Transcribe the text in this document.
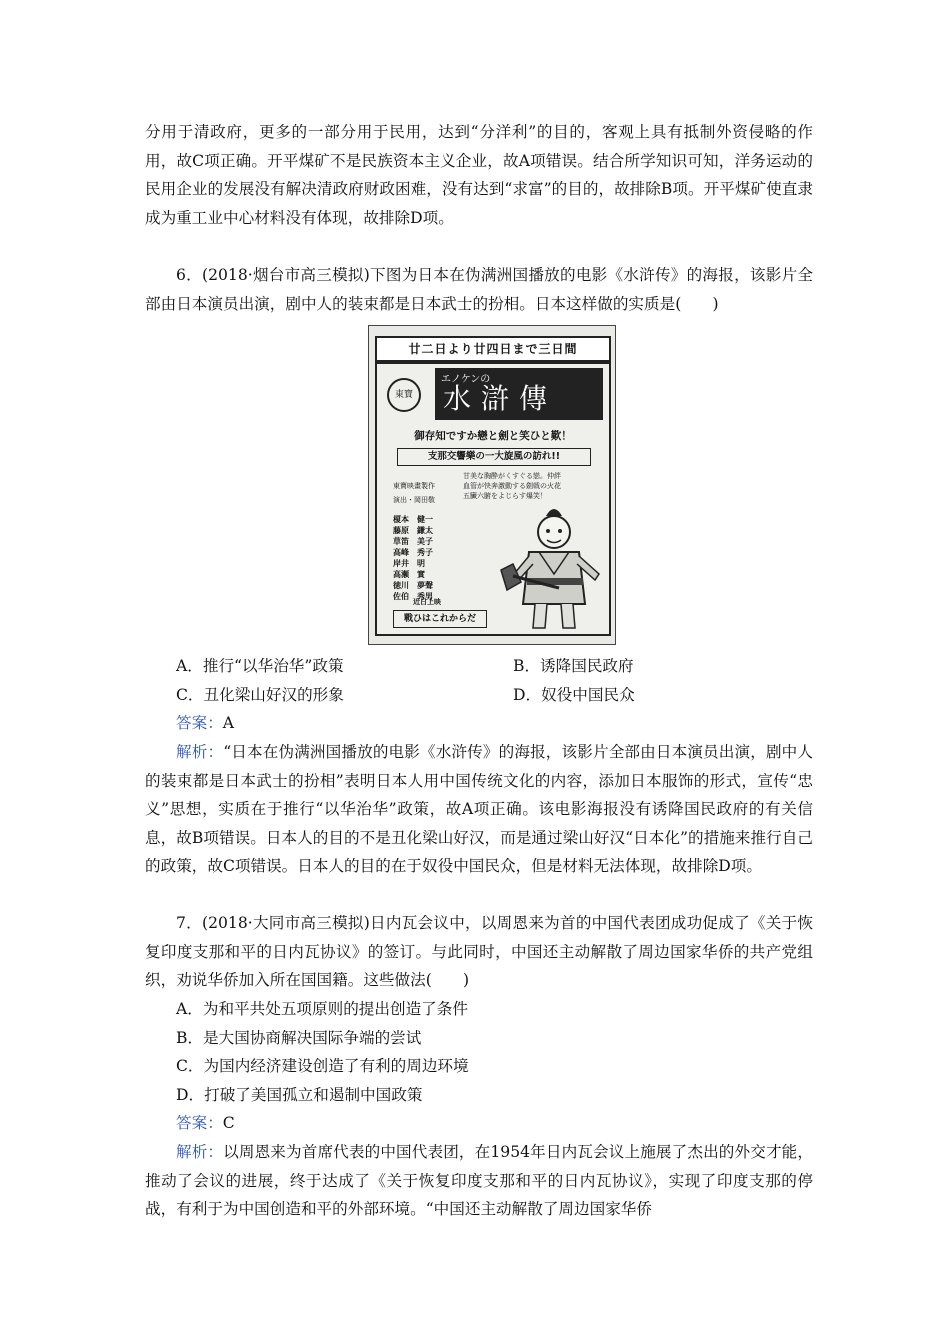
分用于清政府，更多的一部分用于民用，达到“分洋利”的目的，客观上具有抵制外资侵略的作用，故C项正确。开平煤矿不是民族资本主义企业，故A项错误。结合所学知识可知，洋务运动的民用企业的发展没有解决清政府财政困难，没有达到“求富”的目的，故排除B项。开平煤矿使直隶成为重工业中心材料没有体现，故排除D项。

6．(2018·烟台市高三模拟)下图为日本在伪满洲国播放的电影《水浒传》的海报，该影片全部由日本演员出演，剧中人的装束都是日本武士的扮相。日本这样做的实质是(　　)

廿二日より廿四日まで三日間
東寶
エノケンの
水滸傳
御存知ですか戀と劍と笑ひと歎！
支那交響樂の一大旋風の訪れ!!
甘美な胸酔がくすぐる戀。仲絆
血管が快奔激動する劍戟の火花
五臟六腑をよじらす爆笑！
東寶映畫製作
演出・岡田敬
榎本　健一
藤原　鎌太
草笛　美子
高峰　秀子
岸井　明
高瀬　實
徳川　夢聲
佐伯　秀男
近日上映
戰ひはこれからだ
A．推行“以华治华”政策	B．诱降国民政府
C．丑化梁山好汉的形象	D．奴役中国民众
答案：A

解析：“日本在伪满洲国播放的电影《水浒传》的海报，该影片全部由日本演员出演，剧中人的装束都是日本武士的扮相”表明日本人用中国传统文化的内容，添加日本服饰的形式，宣传“忠义”思想，实质在于推行“以华治华”政策，故A项正确。该电影海报没有诱降国民政府的有关信息，故B项错误。日本人的目的不是丑化梁山好汉，而是通过梁山好汉“日本化”的措施来推行自己的政策，故C项错误。日本人的目的在于奴役中国民众，但是材料无法体现，故排除D项。

7．(2018·大同市高三模拟)日内瓦会议中，以周恩来为首的中国代表团成功促成了《关于恢复印度支那和平的日内瓦协议》的签订。与此同时，中国还主动解散了周边国家华侨的共产党组织，劝说华侨加入所在国国籍。这些做法(　　)

A．为和平共处五项原则的提出创造了条件
B．是大国协商解决国际争端的尝试
C．为国内经济建设创造了有利的周边环境
D．打破了美国孤立和遏制中国政策
答案：C

解析：以周恩来为首席代表的中国代表团，在1954年日内瓦会议上施展了杰出的外交才能，推动了会议的进展，终于达成了《关于恢复印度支那和平的日内瓦协议》，实现了印度支那的停战，有利于为中国创造和平的外部环境。“中国还主动解散了周边国家华侨
